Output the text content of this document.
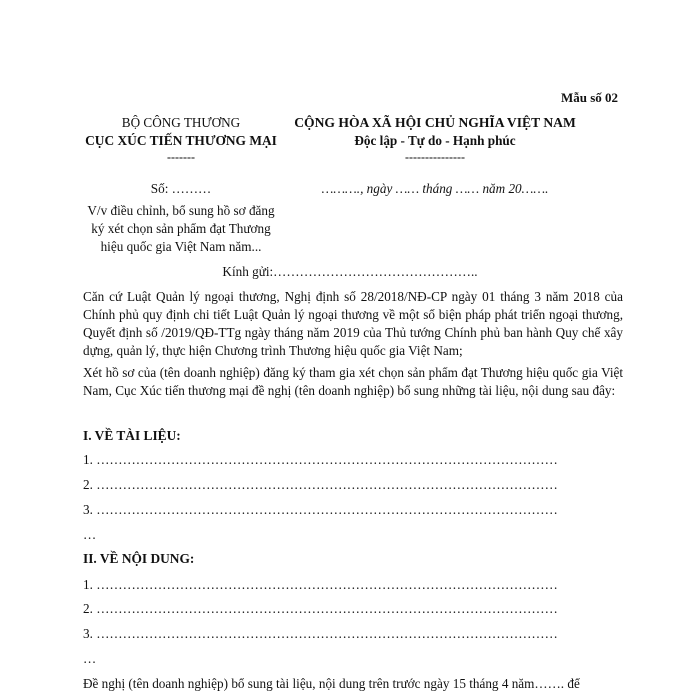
Mẫu số 02
BỘ CÔNG THƯƠNG
CỤC XÚC TIẾN THƯƠNG MẠI
-------
CỘNG HÒA XÃ HỘI CHỦ NGHĨA VIỆT NAM
Độc lập - Tự do - Hạnh phúc
---------------
Số: ………
V/v điều chỉnh, bổ sung hồ sơ đăng
ký xét chọn sản phẩm đạt Thương
hiệu quốc gia Việt Nam năm...
………., ngày …… tháng …… năm 20…….
Kính gửi:………………………………………..
Căn cứ Luật Quản lý ngoại thương, Nghị định số 28/2018/NĐ-CP ngày 01 tháng 3 năm 2018 của Chính phủ quy định chi tiết Luật Quản lý ngoại thương về một số biện pháp phát triển ngoại thương, Quyết định số /2019/QĐ-TTg ngày tháng năm 2019 của Thủ tướng Chính phủ ban hành Quy chế xây dựng, quản lý, thực hiện Chương trình Thương hiệu quốc gia Việt Nam;
Xét hồ sơ của (tên doanh nghiệp) đăng ký tham gia xét chọn sản phẩm đạt Thương hiệu quốc gia Việt Nam, Cục Xúc tiến thương mại đề nghị (tên doanh nghiệp) bổ sung những tài liệu, nội dung sau đây:
I. VỀ TÀI LIỆU:
1. ……………………………………………………………………………………………
2. ……………………………………………………………………………………………
3. ……………………………………………………………………………………………
…
II. VỀ NỘI DUNG:
1. ……………………………………………………………………………………………
2. ……………………………………………………………………………………………
3. ……………………………………………………………………………………………
…
Đề nghị (tên doanh nghiệp) bổ sung tài liệu, nội dung trên trước ngày 15 tháng 4 năm……. để
